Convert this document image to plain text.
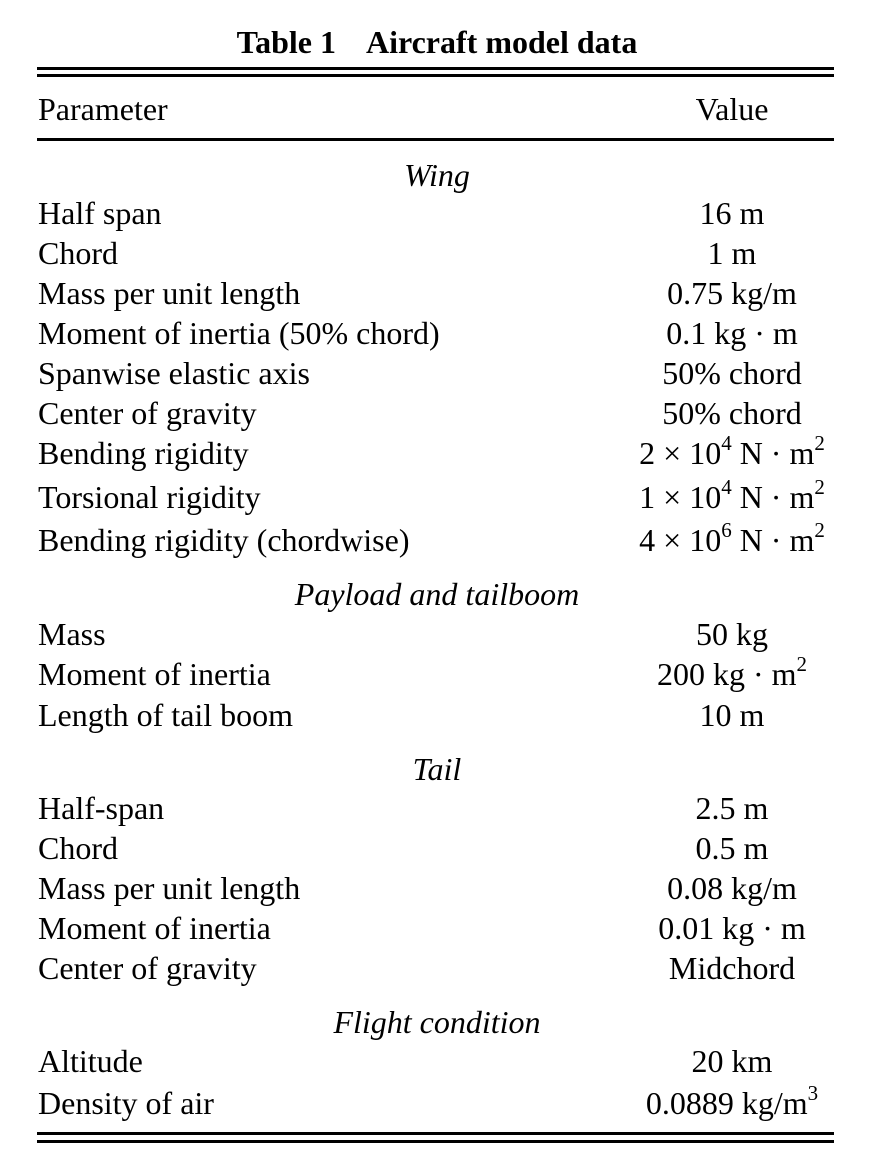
Table 1 Aircraft model data
Parameter	Value
Wing
Half span	16 m
Chord	1 m
Mass per unit length	0.75 kg/m
Moment of inertia (50% chord)	0.1 kg · m
Spanwise elastic axis	50% chord
Center of gravity	50% chord
Bending rigidity	$2 \times 10^4$ $N \cdot m^2$
Torsional rigidity	$1 \times 10^4$ $N \cdot m^2$
Bending rigidity (chordwise)	$4 \times 10^6$ $N \cdot m^2$
Payload and tailboom
Mass	50 kg
Moment of inertia	200 kg · $m^2$
Length of tail boom	10 m
Tail
Half-span	2.5 m
Chord	0.5 m
Mass per unit length	0.08 kg/m
Moment of inertia	0.01 kg · m
Center of gravity	Midchord
Flight condition
Altitude	20 km
Density of air	0.0889 $kg/m^3$
